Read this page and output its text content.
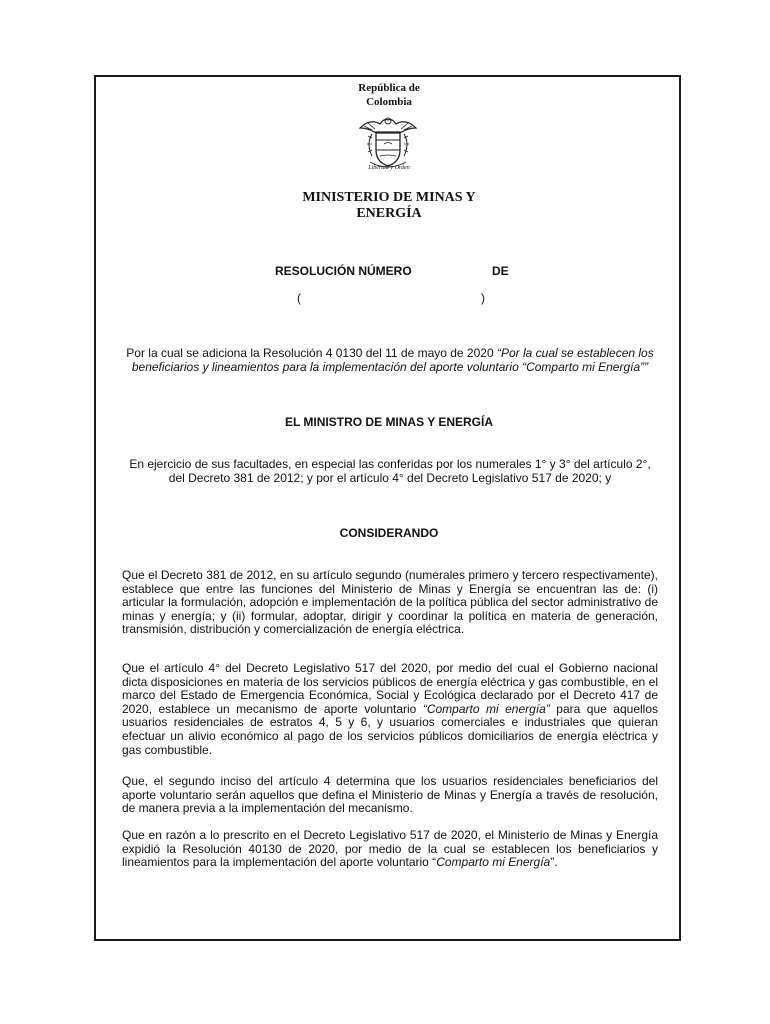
República de
Colombia
Libertad y Orden
MINISTERIO DE MINAS Y
ENERGÍA
RESOLUCIÓN NÚMERO	DE
(	)
Por la cual se adiciona la Resolución 4 0130 del 11 de mayo de 2020 “Por la cual se establecen los beneficiarios y lineamientos para la implementación del aporte voluntario “Comparto mi Energía””
EL MINISTRO DE MINAS Y ENERGÍA
En ejercicio de sus facultades, en especial las conferidas por los numerales 1° y 3° del artículo 2°, del Decreto 381 de 2012; y por el artículo 4° del Decreto Legislativo 517 de 2020; y
CONSIDERANDO

Que el Decreto 381 de 2012, en su artículo segundo (numerales primero y tercero respectivamente), establece que entre las funciones del Ministerio de Minas y Energía se encuentran las de: (i) articular la formulación, adopción e implementación de la política pública del sector administrativo de minas y energía; y (ii) formular, adoptar, dirigir y coordinar la política en materia de generación, transmisión, distribución y comercialización de energía eléctrica.

Que el artículo 4° del Decreto Legislativo 517 del 2020, por medio del cual el Gobierno nacional dicta disposiciones en materia de los servicios públicos de energía eléctrica y gas combustible, en el marco del Estado de Emergencia Económica, Social y Ecológica declarado por el Decreto 417 de 2020, establece un mecanismo de aporte voluntario “Comparto mi energía” para que aquellos usuarios residenciales de estratos 4, 5 y 6, y usuarios comerciales e industriales que quieran efectuar un alivio económico al pago de los servicios públicos domiciliarios de energía eléctrica y gas combustible.

Que, el segundo inciso del artículo 4 determina que los usuarios residenciales beneficiarios del aporte voluntario serán aquellos que defina el Ministerio de Minas y Energía a través de resolución, de manera previa a la implementación del mecanismo.

Que en razón a lo prescrito en el Decreto Legislativo 517 de 2020, el Ministerio de Minas y Energía expidió la Resolución 40130 de 2020, por medio de la cual se establecen los beneficiarios y lineamientos para la implementación del aporte voluntario “Comparto mi Energía”.
